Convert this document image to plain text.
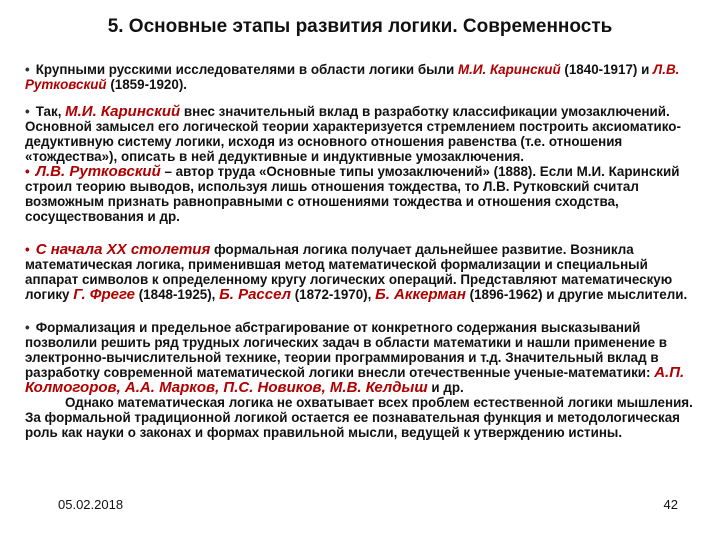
5. Основные этапы развития логики. Современность

• Крупными русскими исследователями в области логики были М.И. Каринский (1840-1917) и Л.В. Рутковский (1859-1920).

• Так, М.И. Каринский внес значительный вклад в разработку классификации умозаключений. Основной замысел его логической теории характеризуется стремлением построить аксиоматико-дедуктивную систему логики, исходя из основного отношения равенства (т.е. отношения «тождества»), описать в ней дедуктивные и индуктивные умозаключения.

• Л.В. Рутковский – автор труда «Основные типы умозаключений» (1888). Если М.И. Каринский строил теорию выводов, используя лишь отношения тождества, то Л.В. Рутковский считал возможным признать равноправными с отношениями тождества и отношения сходства, сосуществования и др.

• С начала XX столетия формальная логика получает дальнейшее развитие. Возникла математическая логика, применившая метод математической формализации и специальный аппарат символов к определенному кругу логических операций. Представляют математическую логику Г. Фреге (1848-1925), Б. Рассел (1872-1970), Б. Аккерман (1896-1962) и другие мыслители.

• Формализация и предельное абстрагирование от конкретного содержания высказываний позволили решить ряд трудных логических задач в области математики и нашли применение в электронно-вычислительной технике, теории программирования и т.д. Значительный вклад в разработку современной математической логики внесли отечественные ученые-математики: А.П. Колмогоров, А.А. Марков, П.С. Новиков, М.В. Келдыш и др.

Однако математическая логика не охватывает всех проблем естественной логики мышления. За формальной традиционной логикой остается ее познавательная функция и методологическая роль как науки о законах и формах правильной мысли, ведущей к утверждению истины.

05.02.2018	42
